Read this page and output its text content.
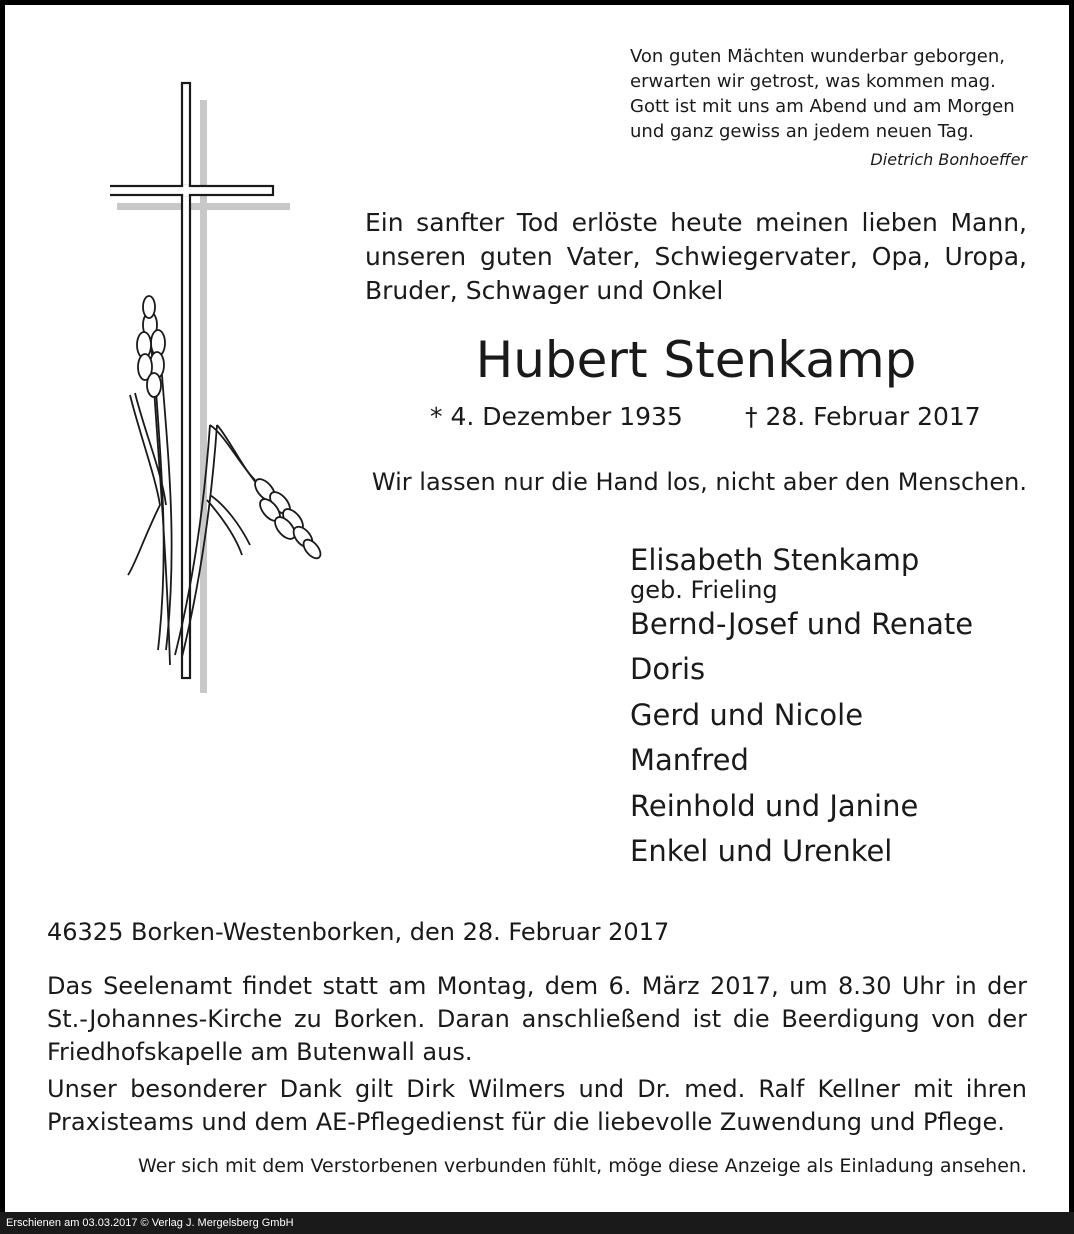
Von guten Mächten wunderbar geborgen,
erwarten wir getrost, was kommen mag.
Gott ist mit uns am Abend und am Morgen
und ganz gewiss an jedem neuen Tag.
Dietrich Bonhoeffer
Ein sanfter Tod erlöste heute meinen lieben Mann,
unseren guten Vater, Schwiegervater, Opa, Uropa,
Bruder, Schwager und Onkel
Hubert Stenkamp
* 4. Dezember 1935 † 28. Februar 2017
Wir lassen nur die Hand los, nicht aber den Menschen.
Elisabeth Stenkamp
geb. Frieling
Bernd-Josef und Renate
Doris
Gerd und Nicole
Manfred
Reinhold und Janine
Enkel und Urenkel
46325 Borken-Westenborken, den 28. Februar 2017
Das Seelenamt findet statt am Montag, dem 6. März 2017, um 8.30 Uhr in der
St.-Johannes-Kirche zu Borken. Daran anschließend ist die Beerdigung von der
Friedhofskapelle am Butenwall aus.
Unser besonderer Dank gilt Dirk Wilmers und Dr. med. Ralf Kellner mit ihren
Praxisteams und dem AE-Pflegedienst für die liebevolle Zuwendung und Pflege.
Wer sich mit dem Verstorbenen verbunden fühlt, möge diese Anzeige als Einladung ansehen.
Erschienen am 03.03.2017 © Verlag J. Mergelsberg GmbH
